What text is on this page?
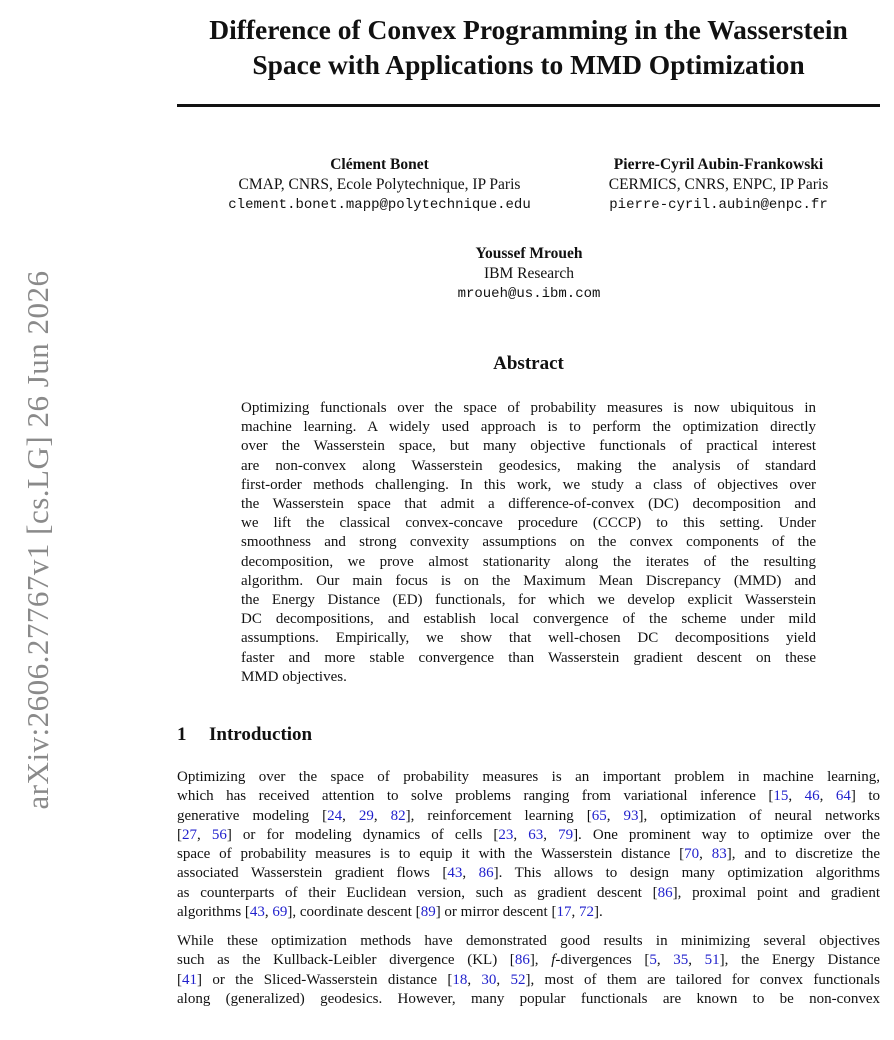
arXiv:2606.27767v1 [cs.LG] 26 Jun 2026
Difference of Convex Programming in the Wasserstein
Space with Applications to MMD Optimization
Clément Bonet
CMAP, CNRS, Ecole Polytechnique, IP Paris
clement.bonet.mapp@polytechnique.edu
Pierre-Cyril Aubin-Frankowski
CERMICS, CNRS, ENPC, IP Paris
pierre-cyril.aubin@enpc.fr
Youssef Mroueh
IBM Research
mroueh@us.ibm.com
Abstract
Optimizing functionals over the space of probability measures is now ubiquitous in
machine learning. A widely used approach is to perform the optimization directly
over the Wasserstein space, but many objective functionals of practical interest
are non-convex along Wasserstein geodesics, making the analysis of standard
first-order methods challenging. In this work, we study a class of objectives over
the Wasserstein space that admit a difference-of-convex (DC) decomposition and
we lift the classical convex-concave procedure (CCCP) to this setting. Under
smoothness and strong convexity assumptions on the convex components of the
decomposition, we prove almost stationarity along the iterates of the resulting
algorithm. Our main focus is on the Maximum Mean Discrepancy (MMD) and
the Energy Distance (ED) functionals, for which we develop explicit Wasserstein
DC decompositions, and establish local convergence of the scheme under mild
assumptions. Empirically, we show that well-chosen DC decompositions yield
faster and more stable convergence than Wasserstein gradient descent on these
MMD objectives.
1 Introduction
Optimizing over the space of probability measures is an important problem in machine learning,
which has received attention to solve problems ranging from variational inference [15, 46, 64] to
generative modeling [24, 29, 82], reinforcement learning [65, 93], optimization of neural networks
[27, 56] or for modeling dynamics of cells [23, 63, 79]. One prominent way to optimize over the
space of probability measures is to equip it with the Wasserstein distance [70, 83], and to discretize the
associated Wasserstein gradient flows [43, 86]. This allows to design many optimization algorithms
as counterparts of their Euclidean version, such as gradient descent [86], proximal point and gradient
algorithms [43, 69], coordinate descent [89] or mirror descent [17, 72].
While these optimization methods have demonstrated good results in minimizing several objectives
such as the Kullback-Leibler divergence (KL) [86], f-divergences [5, 35, 51], the Energy Distance
[41] or the Sliced-Wasserstein distance [18, 30, 52], most of them are tailored for convex functionals
along (generalized) geodesics. However, many popular functionals are known to be non-convex
